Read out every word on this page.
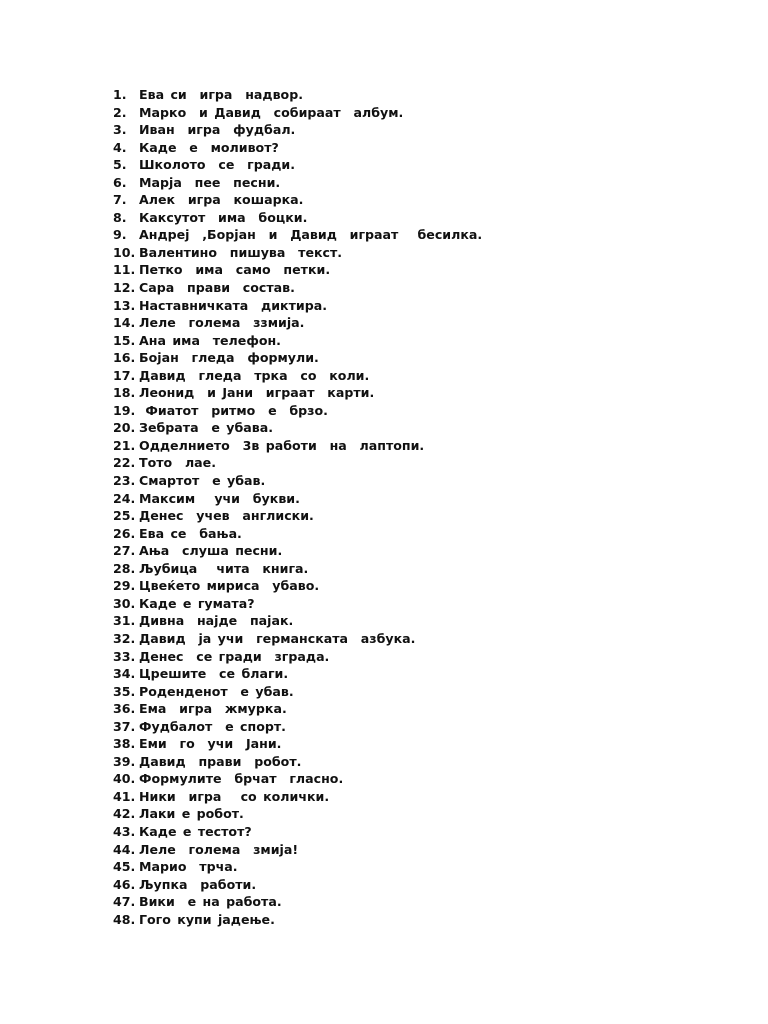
1. Ева си  игра  надвор.
2. Марко  и Давид  собираат  албум.
3. Иван  игра  фудбал.
4. Каде  е  моливот?
5. Школото  се  гради.
6. Марја  пее  песни.
7. Алек  игра  кошарка.
8. Каксутот  има  боцки.
9. Андреј  ,Борјан  и  Давид  играат   бесилка.
10. Валентино  пишува  текст.
11. Петко  има  само  петки.
12. Сара  прави  состав.
13. Наставничката  диктира.
14. Леле  голема  ззмија.
15. Ана има  телефон.
16. Бојан  гледа  формули.
17. Давид  гледа  трка  со  коли.
18. Леонид  и Јани  играат  карти.
19. Фиатот  ритмо  е  брзо.
20. Зебрата  е убава.
21. Одделнието  3в работи  на  лаптопи.
22. Тото  лае.
23. Смартот  е убав.
24. Максим   учи  букви.
25. Денес  учев  англиски.
26. Ева се  бања.
27. Ања  слуша песни.
28. Љубица   чита  книга.
29. Цвеќето мириса  убаво.
30. Каде е гумата?
31. Дивна  најде  пајак.
32. Давид  ја учи  германската  азбука.
33. Денес  се гради  зграда.
34. Црешите  се благи.
35. Роденденот  е убав.
36. Ема  игра  жмурка.
37. Фудбалот  е спорт.
38. Еми  го  учи  Јани.
39. Давид  прави  робот.
40. Формулите  брчат  гласно.
41. Ники  игра   со колички.
42. Лаки е робот.
43. Каде е тестот?
44. Леле  голема  змија!
45. Марио  трча.
46. Љупка  работи.
47. Вики  е на работа.
48. Гого купи јадење.
